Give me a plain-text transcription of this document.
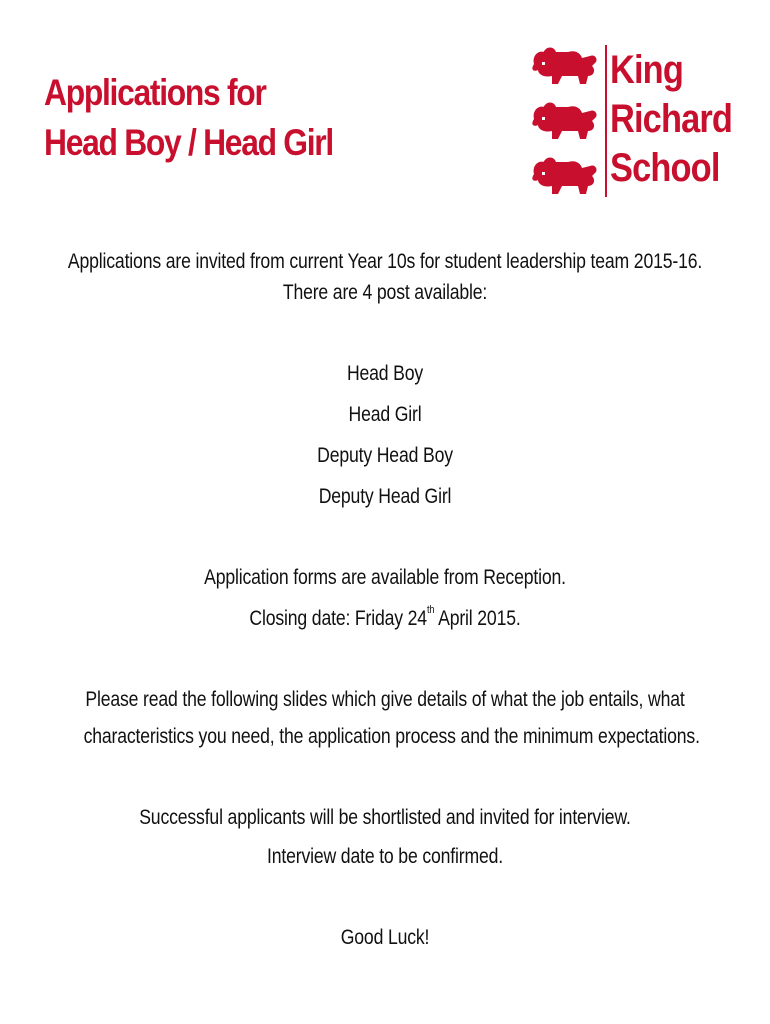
Applications for
Head Boy / Head Girl
King
Richard
School
Applications are invited from current Year 10s for student leadership team 2015-16.
There are 4 post available:
Head Boy
Head Girl
Deputy Head Boy
Deputy Head Girl
Application forms are available from Reception.
Closing date: Friday 24th April 2015.
Please read the following slides which give details of what the job entails, what
characteristics you need, the application process and the minimum expectations.
Successful applicants will be shortlisted and invited for interview.
Interview date to be confirmed.
Good Luck!
